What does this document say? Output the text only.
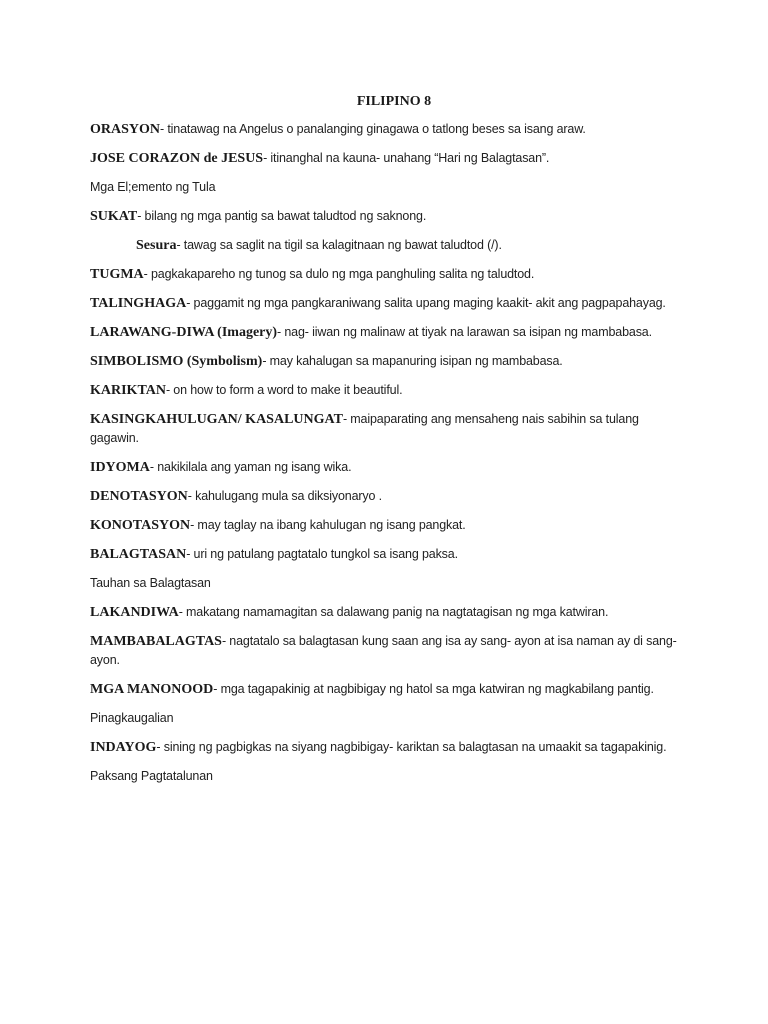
FILIPINO 8

ORASYON- tinatawag na Angelus o panalanging ginagawa o tatlong beses sa isang araw.

JOSE CORAZON de JESUS- itinanghal na kauna- unahang “Hari ng Balagtasan”.

Mga El;emento ng Tula

SUKAT- bilang ng mga pantig sa bawat taludtod ng saknong.

Sesura- tawag sa saglit na tigil sa kalagitnaan ng bawat taludtod (/).

TUGMA- pagkakapareho ng tunog sa dulo ng mga panghuling salita ng taludtod.

TALINGHAGA- paggamit ng mga pangkaraniwang salita upang maging kaakit- akit ang pagpapahayag.

LARAWANG-DIWA (Imagery)- nag- iiwan ng malinaw at tiyak na larawan sa isipan ng mambabasa.

SIMBOLISMO (Symbolism)- may kahalugan sa mapanuring isipan ng mambabasa.

KARIKTAN- on how to form a word to make it beautiful.

KASINGKAHULUGAN/ KASALUNGAT- maipaparating ang mensaheng nais sabihin sa tulang gagawin.

IDYOMA- nakikilala ang yaman ng isang wika.

DENOTASYON- kahulugang mula sa diksiyonaryo .

KONOTASYON- may taglay na ibang kahulugan ng isang pangkat.

BALAGTASAN- uri ng patulang pagtatalo tungkol sa isang paksa.

Tauhan sa Balagtasan

LAKANDIWA- makatang namamagitan sa dalawang panig na nagtatagisan ng mga katwiran.

MAMBABALAGTAS- nagtatalo sa balagtasan kung saan ang isa ay sang- ayon at isa naman ay di sang- ayon.

MGA MANONOOD- mga tagapakinig at nagbibigay ng hatol sa mga katwiran ng magkabilang pantig.

Pinagkaugalian

INDAYOG- sining ng pagbigkas na siyang nagbibigay- kariktan sa balagtasan na umaakit sa tagapakinig.

Paksang Pagtatalunan
